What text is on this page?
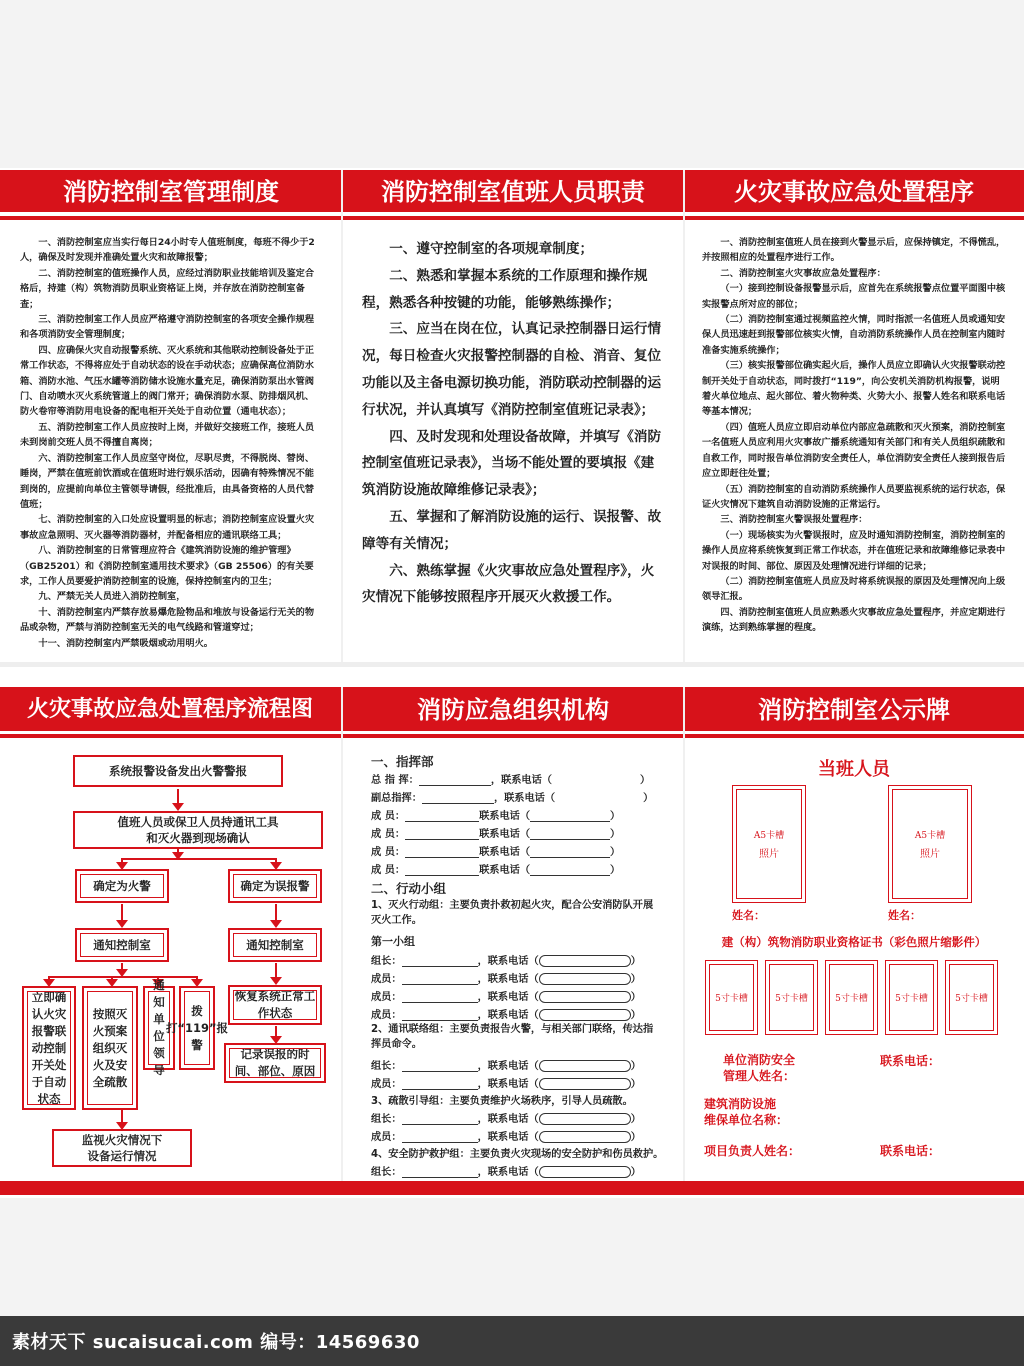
消防控制室管理制度	消防控制室值班人员职责	火灾事故应急处置程序

一、消防控制室应当实行每日24小时专人值班制度，每班不得少于2人，确保及时发现并准确处置火灾和故障报警；

二、消防控制室的值班操作人员，应经过消防职业技能培训及鉴定合格后，持建（构）筑物消防员职业资格证上岗，并存放在消防控制室备查；

三、消防控制室工作人员应严格遵守消防控制室的各项安全操作规程和各项消防安全管理制度；

四、应确保火灾自动报警系统、灭火系统和其他联动控制设备处于正常工作状态，不得将应处于自动状态的设在手动状态；应确保高位消防水箱、消防水池、气压水罐等消防储水设施水量充足，确保消防泵出水管阀门、自动喷水灭火系统管道上的阀门常开；确保消防水泵、防排烟风机、防火卷帘等消防用电设备的配电柜开关处于自动位置（通电状态）；

五、消防控制室工作人员应按时上岗，并做好交接班工作，接班人员未到岗前交班人员不得擅自离岗；

六、消防控制室工作人员应坚守岗位，尽职尽责，不得脱岗、替岗、睡岗，严禁在值班前饮酒或在值班时进行娱乐活动，因确有特殊情况不能到岗的，应提前向单位主管领导请假，经批准后，由具备资格的人员代替值班；

七、消防控制室的入口处应设置明显的标志；消防控制室应设置火灾事故应急照明、灭火器等消防器材，并配备相应的通讯联络工具；

八、消防控制室的日常管理应符合《建筑消防设施的维护管理》（GB25201）和《消防控制室通用技术要求》（GB 25506）的有关要求，工作人员要爱护消防控制室的设施，保持控制室内的卫生；

九、严禁无关人员进入消防控制室，

十、消防控制室内严禁存放易爆危险物品和堆放与设备运行无关的物品或杂物，严禁与消防控制室无关的电气线路和管道穿过；

十一、消防控制室内严禁吸烟或动用明火。

一、遵守控制室的各项规章制度；

二、熟悉和掌握本系统的工作原理和操作规程，熟悉各种按键的功能，能够熟练操作；

三、应当在岗在位，认真记录控制器日运行情况，每日检查火灾报警控制器的自检、消音、复位功能以及主备电源切换功能，消防联动控制器的运行状况，并认真填写《消防控制室值班记录表》；

四、及时发现和处理设备故障，并填写《消防控制室值班记录表》，当场不能处置的要填报《建筑消防设施故障维修记录表》；

五、掌握和了解消防设施的运行、误报警、故障等有关情况；

六、熟练掌握《火灾事故应急处置程序》，火灾情况下能够按照程序开展灭火救援工作。

一、消防控制室值班人员在接到火警显示后，应保持镇定，不得慌乱，并按照相应的处置程序进行工作。

二、消防控制室火灾事故应急处置程序：

（一）接到控制设备报警显示后，应首先在系统报警点位置平面图中核实报警点所对应的部位；

（二）消防控制室通过视频监控火情，同时指派一名值班人员或通知安保人员迅速赶到报警部位核实火情，自动消防系统操作人员在控制室内随时准备实施系统操作；

（三）核实报警部位确实起火后，操作人员应立即确认火灾报警联动控制开关处于自动状态，同时拨打“119”，向公安机关消防机构报警，说明着火单位地点、起火部位、着火物种类、火势大小、报警人姓名和联系电话等基本情况；

（四）值班人员应立即启动单位内部应急疏散和灭火预案，消防控制室一名值班人员应利用火灾事故广播系统通知有关部门和有关人员组织疏散和自救工作，同时报告单位消防安全责任人，单位消防安全责任人接到报告后应立即赶往处置；

（五）消防控制室的自动消防系统操作人员要监视系统的运行状态，保证火灾情况下建筑自动消防设施的正常运行。

三、消防控制室火警误报处置程序：

（一）现场核实为火警误报时，应及时通知消防控制室，消防控制室的操作人员应将系统恢复到正常工作状态，并在值班记录和故障维修记录表中对误报的时间、部位、原因及处理情况进行详细的记录；

（二）消防控制室值班人员应及时将系统误报的原因及处理情况向上级领导汇报。

四、消防控制室值班人员应熟悉火灾事故应急处置程序，并应定期进行演练，达到熟练掌握的程度。

火灾事故应急处置程序流程图	消防应急组织机构	消防控制室公示牌
系统报警设备发出火警警报
值班人员或保卫人员持通讯工具
和灭火器到现场确认
确定为火警	确定为误报警
通知控制室	通知控制室
立即确认火灾报警联动控制开关处于自动状态
按照灭火预案组织灭火及安全疏散
通知单位领导
拨打“119”报警
恢复系统正常工作状态
记录误报的时间、部位、原因
监视火灾情况下
设备运行情况
一、指挥部
总 指 挥：	，联系电话（	）
副总指挥：	，联系电话（	）
成 员：	联系电话（	）
成 员：	联系电话（	）
成 员：	联系电话（	）
成 员：	联系电话（	）
二、行动小组
1、灭火行动组：主要负责扑救初起火灾，配合公安消防队开展灭火工作。
第一小组
组长：	，联系电话（	）
成员：	，联系电话（	）
成员：	，联系电话（	）
成员：	，联系电话（	）
2、通讯联络组：主要负责报告火警，与相关部门联络，传达指挥员命令。
组长：	，联系电话（	）
成员：	，联系电话（	）
3、疏散引导组：主要负责维护火场秩序，引导人员疏散。
组长：	，联系电话（	）
成员：	，联系电话（	）
4、安全防护救护组：主要负责火灾现场的安全防护和伤员救护。
组长：	，联系电话（	）
当班人员
A5卡槽
照片
A5卡槽
照片
姓名：	姓名：
建（构）筑物消防职业资格证书（彩色照片缩影件）
5寸卡槽	5寸卡槽	5寸卡槽	5寸卡槽	5寸卡槽
单位消防安全
管理人姓名：
联系电话：
建筑消防设施
维保单位名称：
项目负责人姓名：	联系电话：
素材天下 sucaisucai.com 编号：14569630
